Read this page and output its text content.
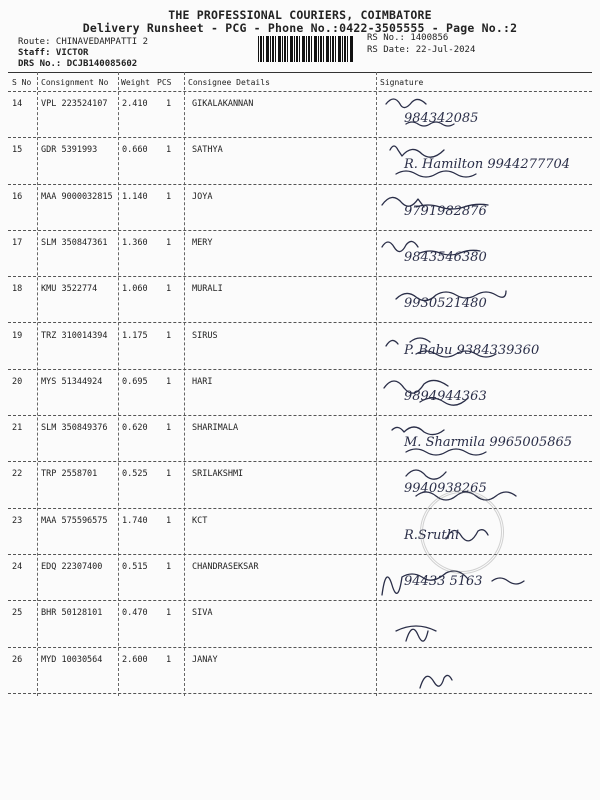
THE PROFESSIONAL COURIERS, COIMBATORE
Delivery Runsheet - PCG - Phone No.:0422-3505555 - Page No.:2
Route: CHINAVEDAMPATTI 2
Staff: VICTOR
DRS No.: DCJB140085602
RS No.: 1400856
RS Date: 22-Jul-2024
S No Consignment No Weight PCS Consignee Details	Signature
14 VPL 223524107 2.410 1 GIKALAKANNAN
984342085
15 GDR 5391993	0.660 1 SATHYA
R. Hamilton 9944277704
16 MAA 9000032815 1.140 1 JOYA
9791982876
17 SLM 350847361 1.360 1 MERY
9843546380
18 KMU 3522774	1.060 1 MURALI
9930521480
19 TRZ 310014394 1.175 1 SIRUS
P. Babu 9384339360
20 MYS 51344924 0.695 1 HARI
9894944363
21 SLM 350849376 0.620 1 SHARIMALA
M. Sharmila 9965005865
22 TRP 2558701	0.525 1 SRILAKSHMI
9940938265
23 MAA 575596575 1.740 1 KCT
R.Sruthi
24 EDQ 22307400 0.515 1 CHANDRASEKSAR
94433 5163
25 BHR 50128101 0.470 1 SIVA
26 MYD 10030564 2.600 1 JANAY
